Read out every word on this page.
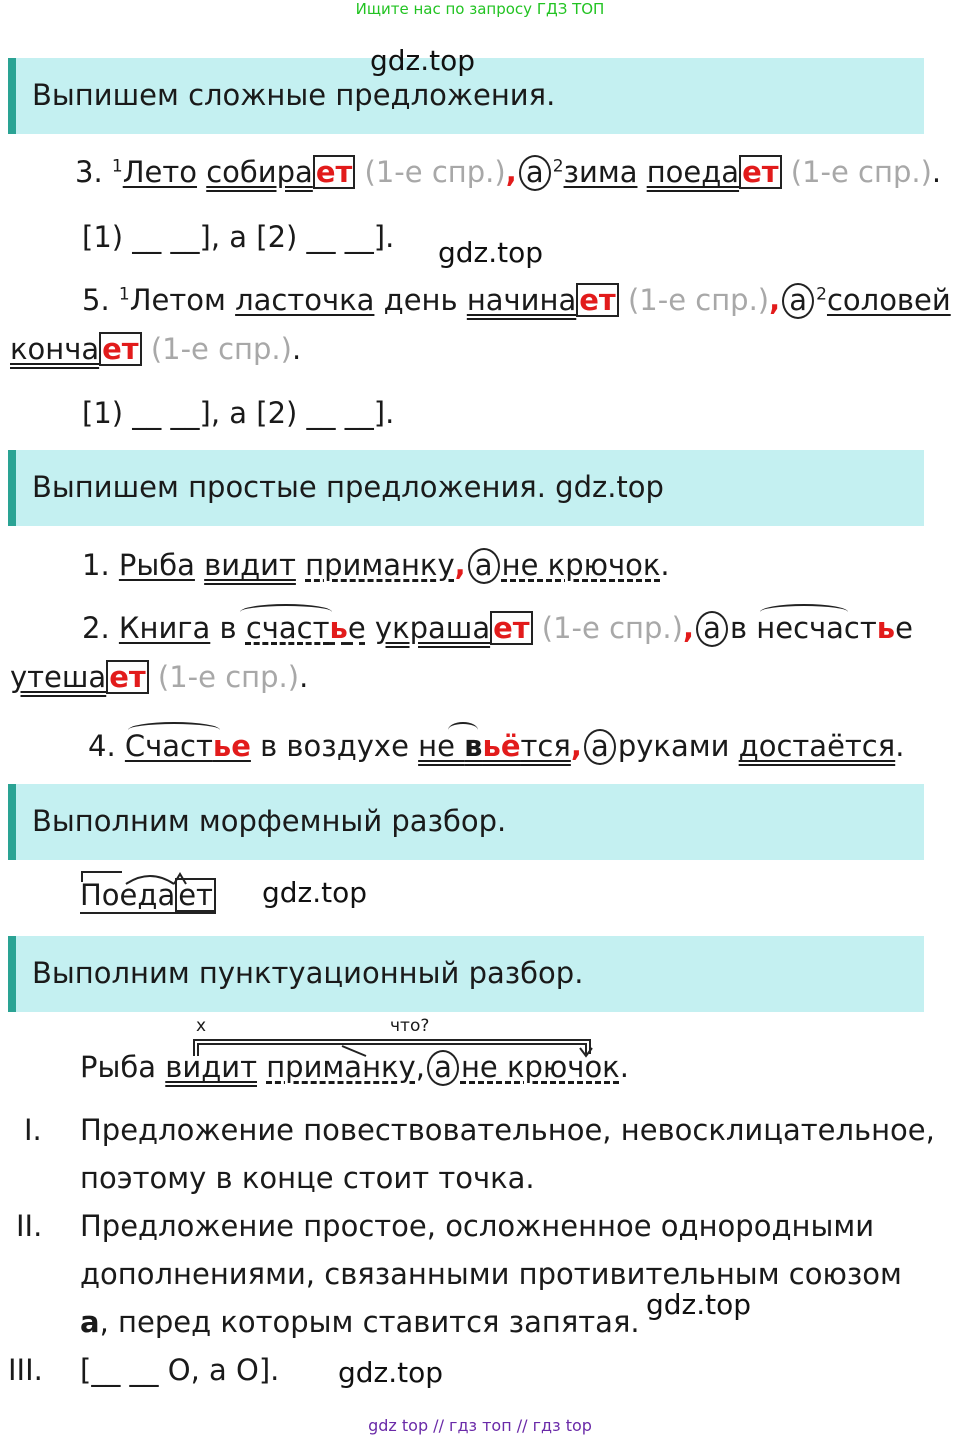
Ищите нас по запросу ГДЗ ТОП
Выпишем сложные предложения.
gdz.top
3. $^1$Лето собира ет (1-е спр.), а $^2$зима поеда ет (1-е спр.).
[1) __ __], а [2) __ __]. gdz.top
5. $^1$Летом ласточка день начина ет (1-е спр.), а $^2$соловей
конча ет (1-е спр.).
[1) __ __], а [2) __ __].
Выпишем простые предложения. gdz.top
1. Рыба видит приманку, а не крючок.
2. Книга в счастье украша ет (1-е спр.), а в несчастье
утеша ет (1-е спр.).
4. Счастье в воздухе не вьётся, а руками достаётся.
Выполним морфемный разбор.
Поеда ет gdz.top
Выполним пунктуационный разбор.
х	что?
Рыба видит приманку, а не крючок.
I. Предложение повествовательное, невосклицательное,
поэтому в конце стоит точка.
II. Предложение простое, осложненное однородными
дополнениями, связанными противительным союзом
а, перед которым ставится запятая.
gdz.top
III. [__ __ O, а O]. gdz.top
gdz top // гдз топ // гдз top
